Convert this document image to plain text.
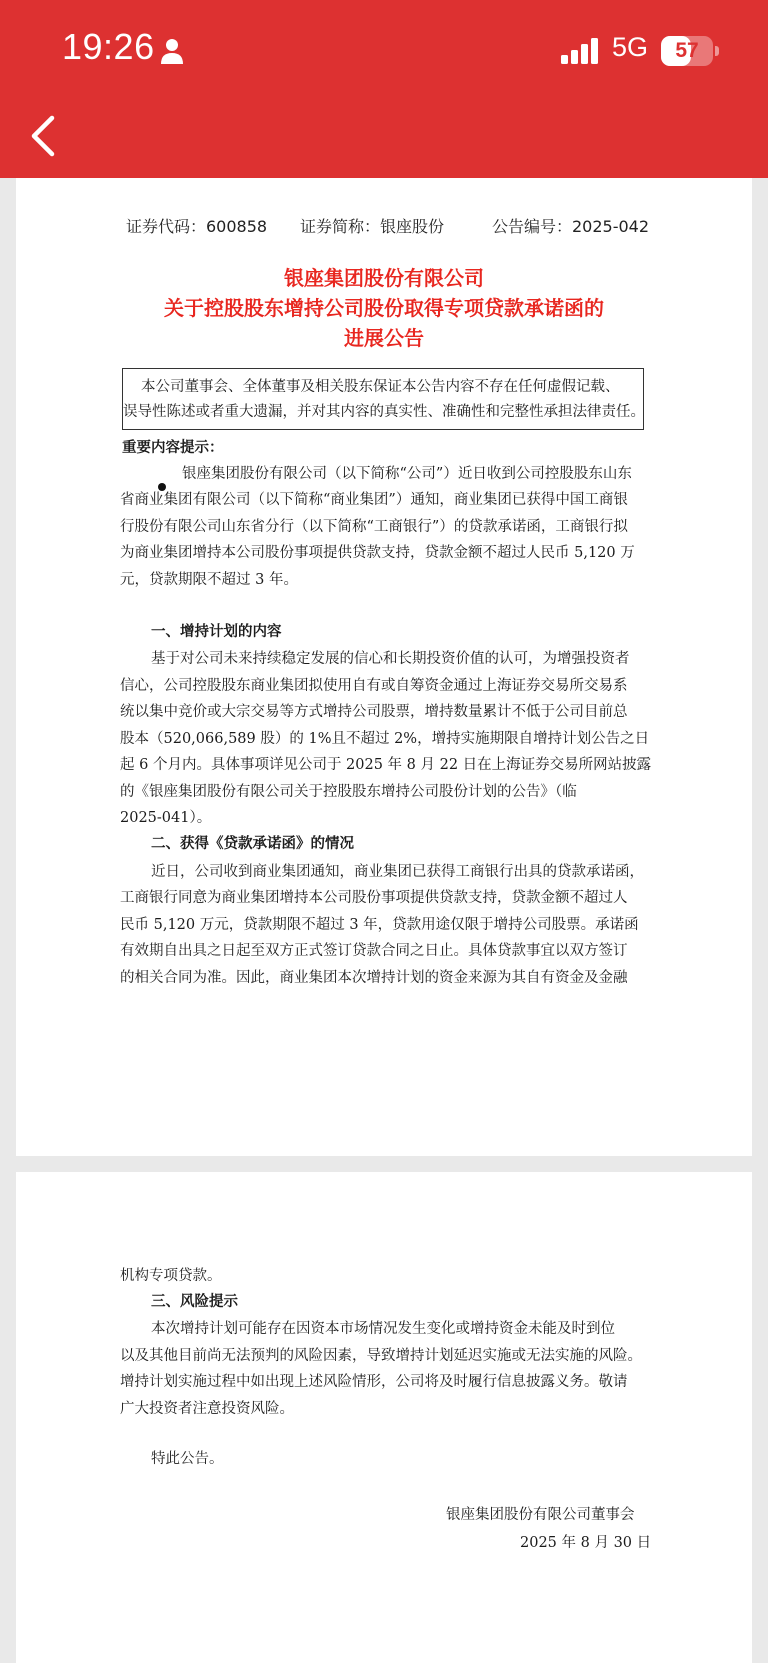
19:26	5G	57
证券代码：600858 证券简称：银座股份	公告编号：2025-042
银座集团股份有限公司
关于控股股东增持公司股份取得专项贷款承诺函的
进展公告
本公司董事会、全体董事及相关股东保证本公告内容不存在任何虚假记载、
误导性陈述或者重大遗漏，并对其内容的真实性、准确性和完整性承担法律责任。
重要内容提示：
银座集团股份有限公司（以下简称“公司”）近日收到公司控股股东山东
省商业集团有限公司（以下简称“商业集团”）通知，商业集团已获得中国工商银
行股份有限公司山东省分行（以下简称“工商银行”）的贷款承诺函，工商银行拟
为商业集团增持本公司股份事项提供贷款支持，贷款金额不超过人民币 5,120 万
元，贷款期限不超过 3 年。
一、增持计划的内容
基于对公司未来持续稳定发展的信心和长期投资价值的认可，为增强投资者
信心，公司控股股东商业集团拟使用自有或自筹资金通过上海证券交易所交易系
统以集中竞价或大宗交易等方式增持公司股票，增持数量累计不低于公司目前总
股本（520,066,589 股）的 1%且不超过 2%，增持实施期限自增持计划公告之日
起 6 个月内。具体事项详见公司于 2025 年 8 月 22 日在上海证券交易所网站披露
的《银座集团股份有限公司关于控股股东增持公司股份计划的公告》（临
2025-041）。
二、获得《贷款承诺函》的情况
近日，公司收到商业集团通知，商业集团已获得工商银行出具的贷款承诺函，
工商银行同意为商业集团增持本公司股份事项提供贷款支持，贷款金额不超过人
民币 5,120 万元，贷款期限不超过 3 年，贷款用途仅限于增持公司股票。承诺函
有效期自出具之日起至双方正式签订贷款合同之日止。具体贷款事宜以双方签订
的相关合同为准。因此，商业集团本次增持计划的资金来源为其自有资金及金融
机构专项贷款。
三、风险提示
本次增持计划可能存在因资本市场情况发生变化或增持资金未能及时到位
以及其他目前尚无法预判的风险因素，导致增持计划延迟实施或无法实施的风险。
增持计划实施过程中如出现上述风险情形，公司将及时履行信息披露义务。敬请
广大投资者注意投资风险。
特此公告。
银座集团股份有限公司董事会
2025 年 8 月 30 日
